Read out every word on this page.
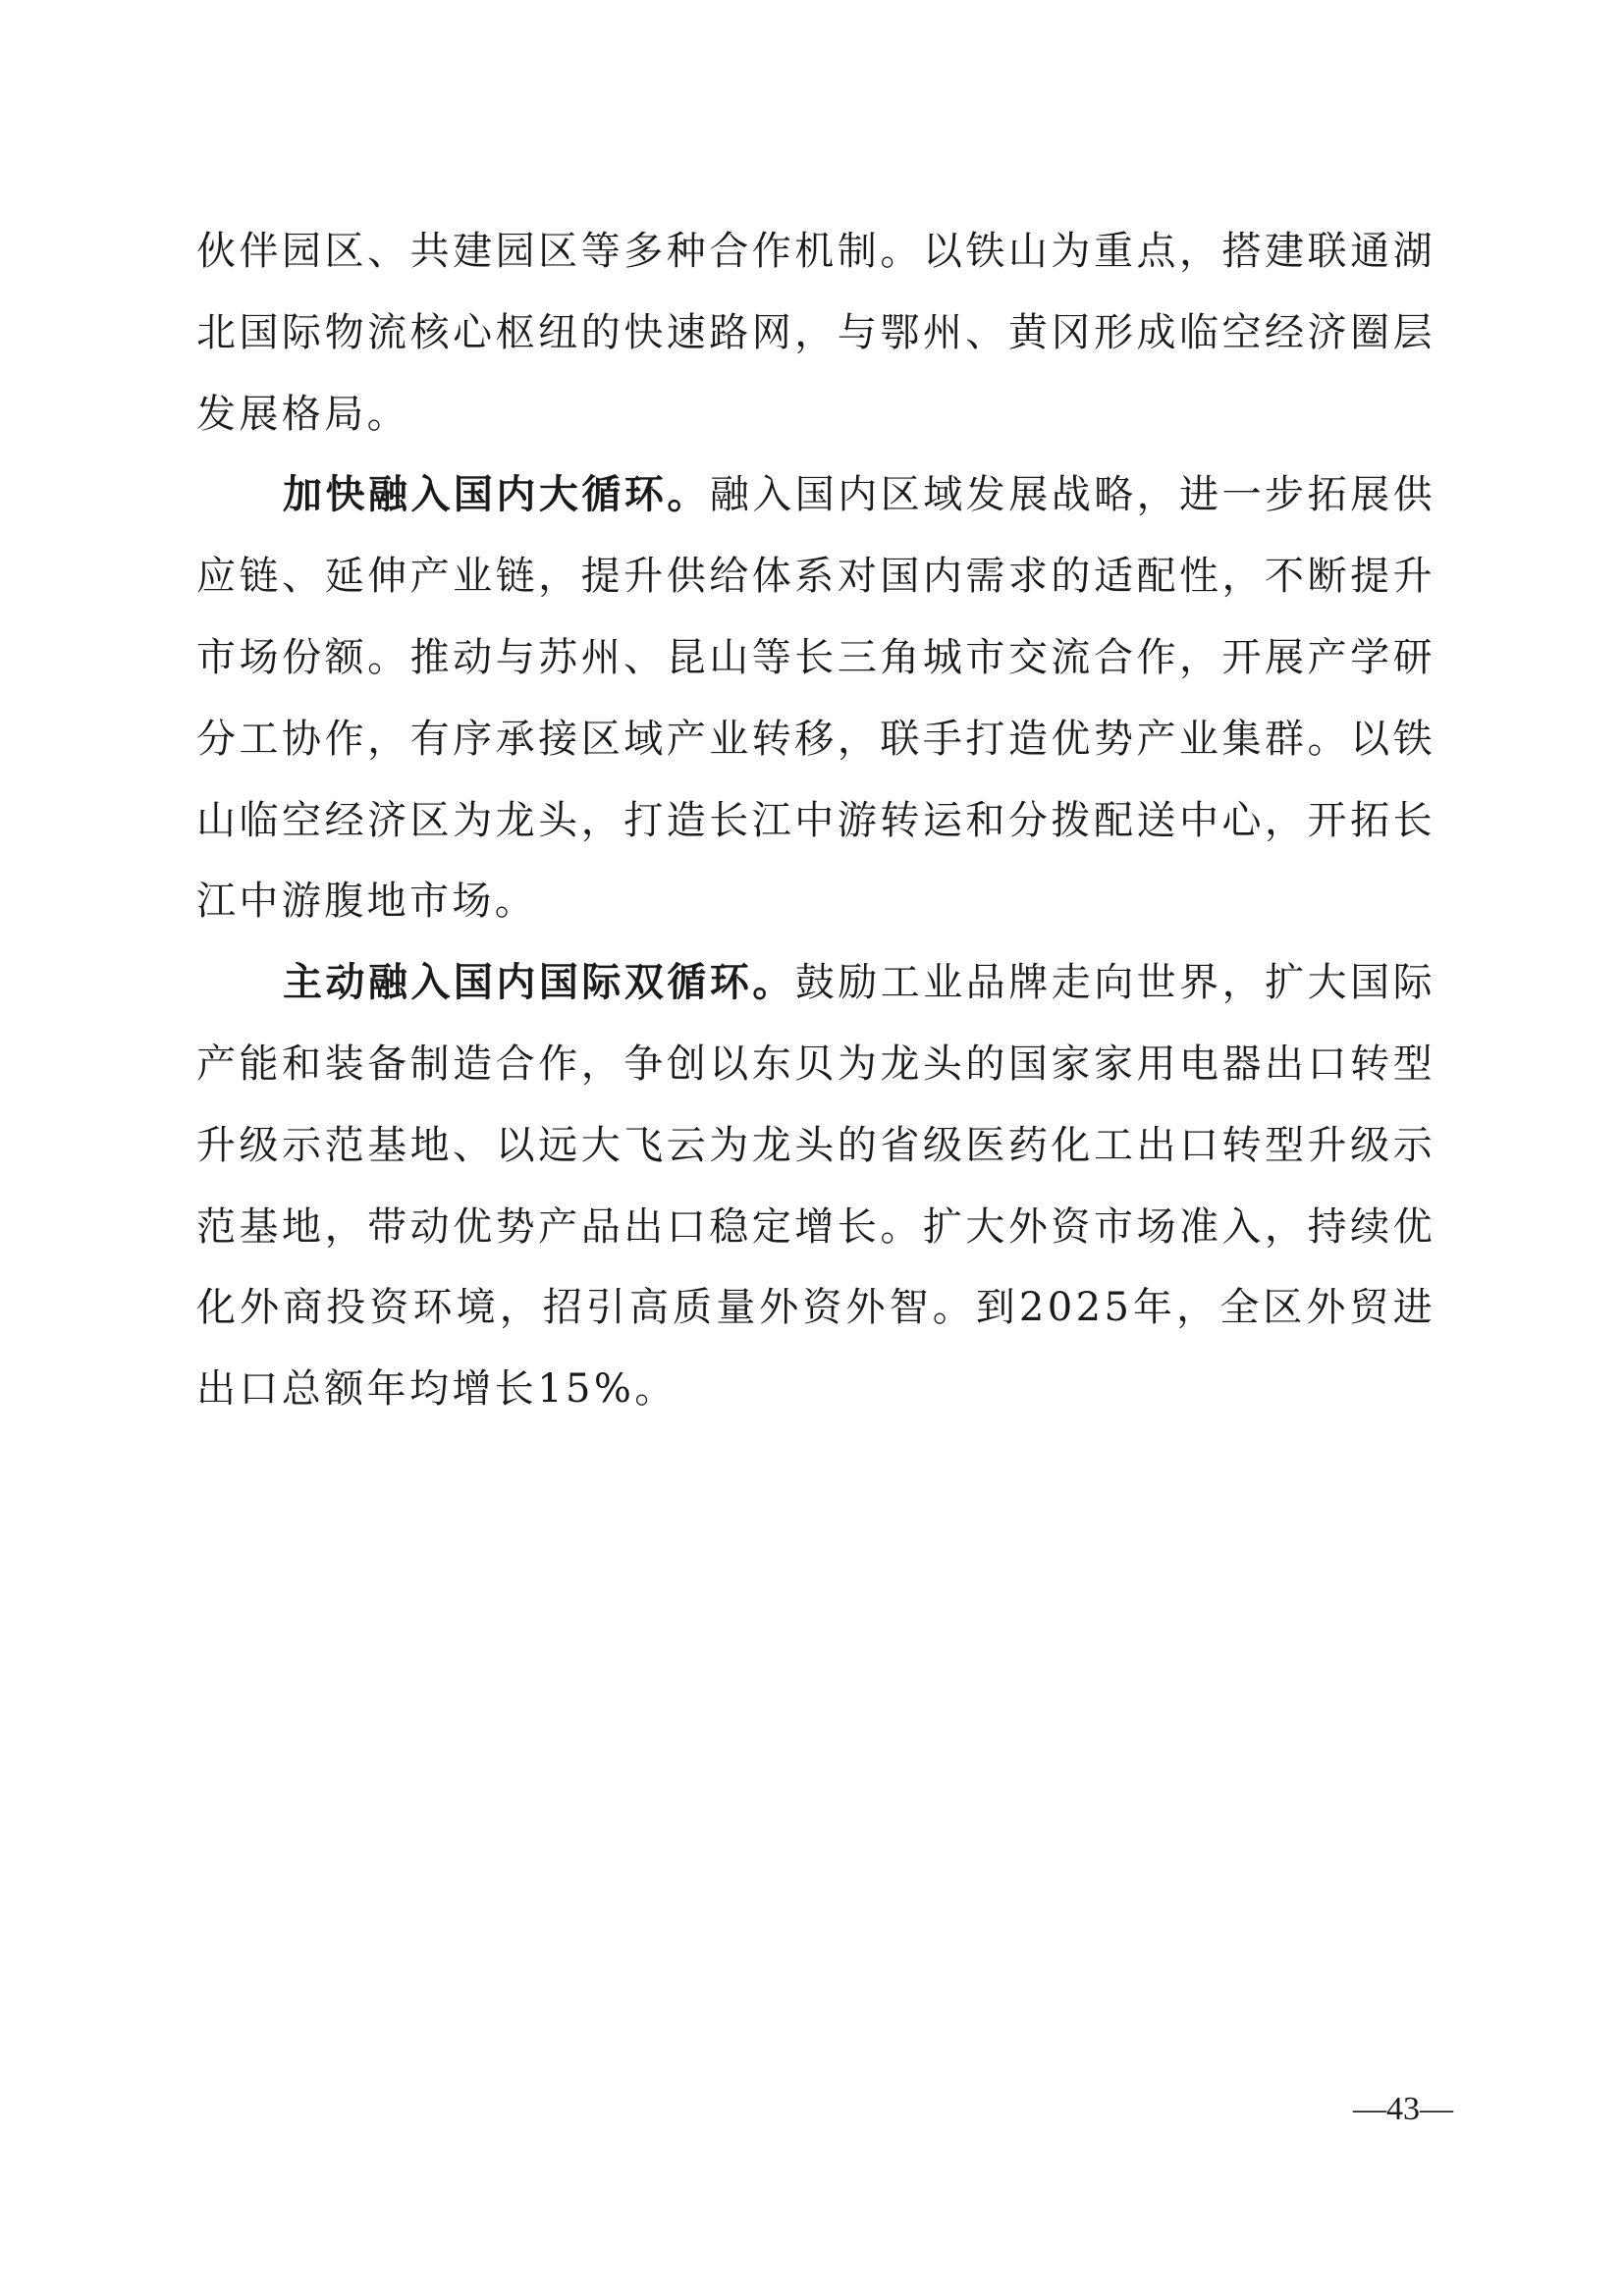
伙伴园区、共建园区等多种合作机制。以铁山为重点，搭建联通湖北国际物流核心枢纽的快速路网，与鄂州、黄冈形成临空经济圈层发展格局。

加快融入国内大循环。融入国内区域发展战略，进一步拓展供应链、延伸产业链，提升供给体系对国内需求的适配性，不断提升市场份额。推动与苏州、昆山等长三角城市交流合作，开展产学研分工协作，有序承接区域产业转移，联手打造优势产业集群。以铁山临空经济区为龙头，打造长江中游转运和分拨配送中心，开拓长江中游腹地市场。

主动融入国内国际双循环。鼓励工业品牌走向世界，扩大国际产能和装备制造合作，争创以东贝为龙头的国家家用电器出口转型升级示范基地、以远大飞云为龙头的省级医药化工出口转型升级示范基地，带动优势产品出口稳定增长。扩大外资市场准入，持续优化外商投资环境，招引高质量外资外智。到2025年，全区外贸进出口总额年均增长15%。

—43—
